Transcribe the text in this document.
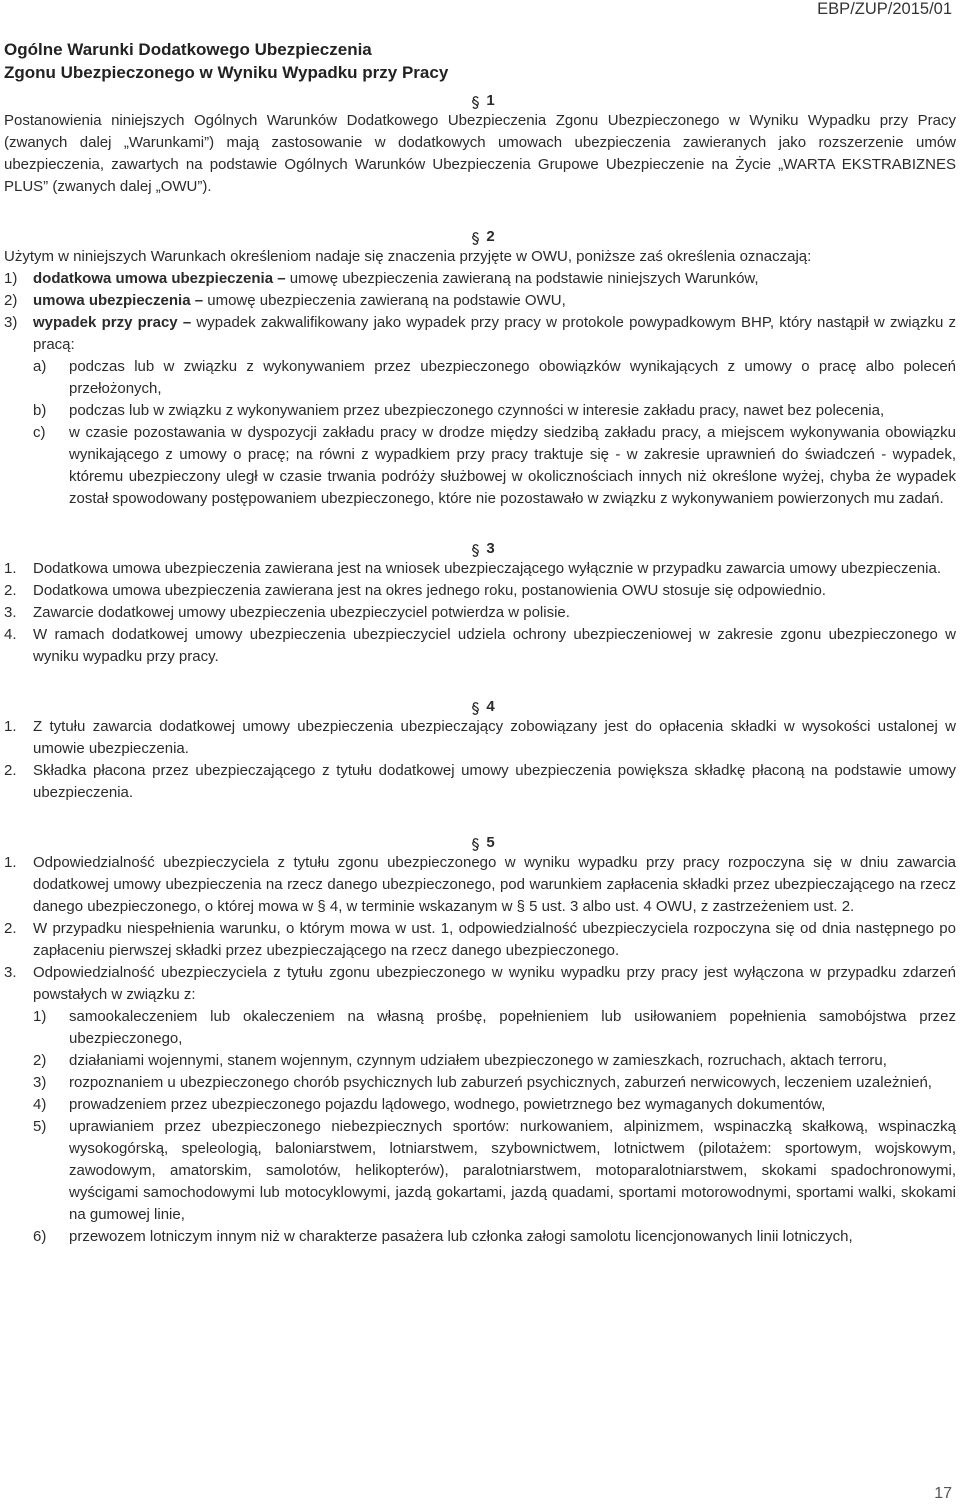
EBP/ZUP/2015/01
Ogólne Warunki Dodatkowego Ubezpieczenia
Zgonu Ubezpieczonego w Wyniku Wypadku przy Pracy
1

Postanowienia niniejszych Ogólnych Warunków Dodatkowego Ubezpieczenia Zgonu Ubezpieczonego w Wyniku Wypadku przy Pracy (zwanych dalej „Warunkami”) mają zastosowanie w dodatkowych umowach ubezpieczenia zawieranych jako rozszerzenie umów ubezpieczenia, zawartych na podstawie Ogólnych Warunków Ubezpieczenia Grupowe Ubezpieczenie na Życie „WARTA EKSTRABIZNES PLUS” (zwanych dalej „OWU”).

2

Użytym w niniejszych Warunkach określeniom nadaje się znaczenia przyjęte w OWU, poniższe zaś określenia oznaczają:

1)	dodatkowa umowa ubezpieczenia – umowę ubezpieczenia zawieraną na podstawie niniejszych Warunków,
2)	umowa ubezpieczenia – umowę ubezpieczenia zawieraną na podstawie OWU,
3)	wypadek przy pracy – wypadek zakwalifikowany jako wypadek przy pracy w protokole powypadkowym BHP, który nastąpił w związku z pracą:
a)	podczas lub w związku z wykonywaniem przez ubezpieczonego obowiązków wynikających z umowy o pracę albo poleceń przełożonych,
b)	podczas lub w związku z wykonywaniem przez ubezpieczonego czynności w interesie zakładu pracy, nawet bez polecenia,
c)	w czasie pozostawania w dyspozycji zakładu pracy w drodze między siedzibą zakładu pracy, a miejscem wykonywania obowiązku wynikającego z umowy o pracę; na równi z wypadkiem przy pracy traktuje się - w zakresie uprawnień do świadczeń - wypadek, któremu ubezpieczony uległ w czasie trwania podróży służbowej w okolicznościach innych niż określone wyżej, chyba że wypadek został spowodowany postępowaniem ubezpieczonego, które nie pozostawało w związku z wykonywaniem powierzonych mu zadań.
3
1.	Dodatkowa umowa ubezpieczenia zawierana jest na wniosek ubezpieczającego wyłącznie w przypadku zawarcia umowy ubezpieczenia.
2.	Dodatkowa umowa ubezpieczenia zawierana jest na okres jednego roku, postanowienia OWU stosuje się odpowiednio.
3.	Zawarcie dodatkowej umowy ubezpieczenia ubezpieczyciel potwierdza w polisie.
4.	W ramach dodatkowej umowy ubezpieczenia ubezpieczyciel udziela ochrony ubezpieczeniowej w zakresie zgonu ubezpieczonego w wyniku wypadku przy pracy.
4
1.	Z tytułu zawarcia dodatkowej umowy ubezpieczenia ubezpieczający zobowiązany jest do opłacenia składki w wysokości ustalonej w umowie ubezpieczenia.
2.	Składka płacona przez ubezpieczającego z tytułu dodatkowej umowy ubezpieczenia powiększa składkę płaconą na podstawie umowy ubezpieczenia.
5
1.	Odpowiedzialność ubezpieczyciela z tytułu zgonu ubezpieczonego w wyniku wypadku przy pracy rozpoczyna się w dniu zawarcia dodatkowej umowy ubezpieczenia na rzecz danego ubezpieczonego, pod warunkiem zapłacenia składki przez ubezpieczającego na rzecz danego ubezpieczonego, o której mowa w § 4, w terminie wskazanym w § 5 ust. 3 albo ust. 4 OWU, z zastrzeżeniem ust. 2.
2.	W przypadku niespełnienia warunku, o którym mowa w ust. 1, odpowiedzialność ubezpieczyciela rozpoczyna się od dnia następnego po zapłaceniu pierwszej składki przez ubezpieczającego na rzecz danego ubezpieczonego.
3.	Odpowiedzialność ubezpieczyciela z tytułu zgonu ubezpieczonego w wyniku wypadku przy pracy jest wyłączona w przypadku zdarzeń powstałych w związku z:
1)	samookaleczeniem lub okaleczeniem na własną prośbę, popełnieniem lub usiłowaniem popełnienia samobójstwa przez ubezpieczonego,
2)	działaniami wojennymi, stanem wojennym, czynnym udziałem ubezpieczonego w zamieszkach, rozruchach, aktach terroru,
3)	rozpoznaniem u ubezpieczonego chorób psychicznych lub zaburzeń psychicznych, zaburzeń nerwicowych, leczeniem uzależnień,
4)	prowadzeniem przez ubezpieczonego pojazdu lądowego, wodnego, powietrznego bez wymaganych dokumentów,
5)	uprawianiem przez ubezpieczonego niebezpiecznych sportów: nurkowaniem, alpinizmem, wspinaczką skałkową, wspinaczką wysokogórską, speleologią, baloniarstwem, lotniarstwem, szybownictwem, lotnictwem (pilotażem: sportowym, wojskowym, zawodowym, amatorskim, samolotów, helikopterów), paralotniarstwem, motoparalotniarstwem, skokami spadochronowymi, wyścigami samochodowymi lub motocyklowymi, jazdą gokartami, jazdą quadami, sportami motorowodnymi, sportami walki, skokami na gumowej linie,
6)	przewozem lotniczym innym niż w charakterze pasażera lub członka załogi samolotu licencjonowanych linii lotniczych,
17
